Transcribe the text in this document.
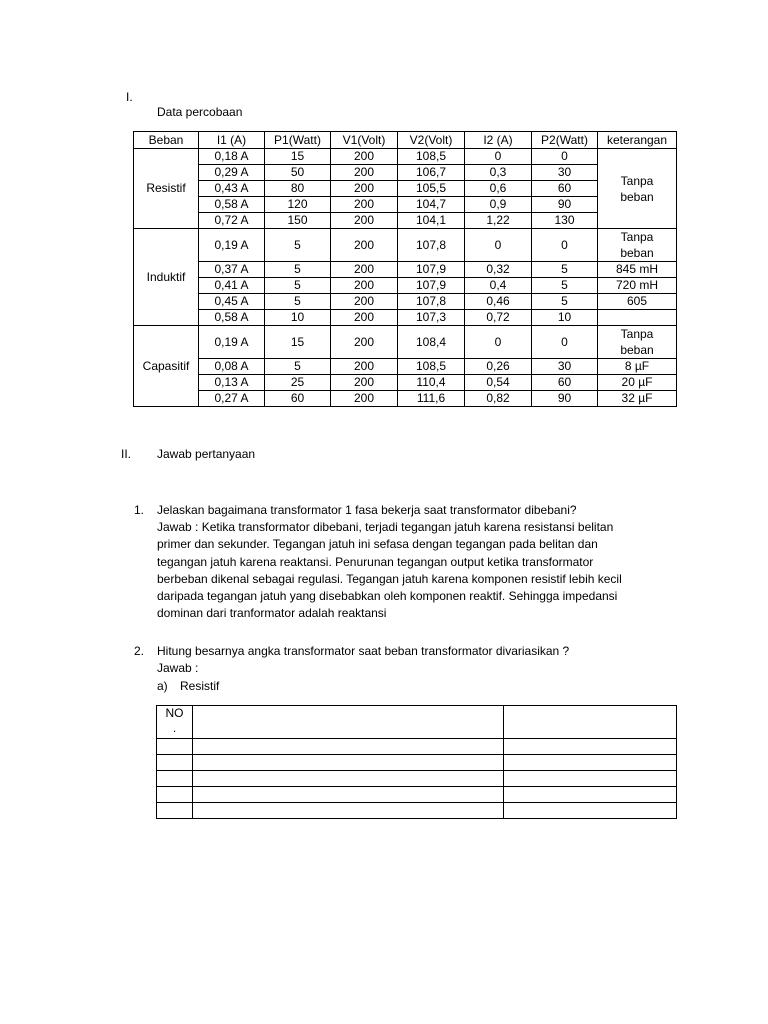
I.
Data percobaan
Beban	I1 (A)	P1(Watt)	V1(Volt)	V2(Volt)	I2 (A)	P2(Watt)	keterangan
Resistif	0,18 A	15	200	108,5	0	0	Tanpa
beban

	0,29 A	50	200	106,7	0,3	30	
	0,43 A	80	200	105,5	0,6	60	
	0,58 A	120	200	104,7	0,9	90	
	0,72 A	150	200	104,1	1,22	130	
Induktif	0,19 A	5	200	107,8	0	0	Tanpa
beban

	0,37 A	5	200	107,9	0,32	5	845 mH
	0,41 A	5	200	107,9	0,4	5	720 mH
	0,45 A	5	200	107,8	0,46	5	605
	0,58 A	10	200	107,3	0,72	10	
Capasitif	0,19 A	15	200	108,4	0	0	Tanpa
beban

	0,08 A	5	200	108,5	0,26	30	8 µF
	0,13 A	25	200	110,4	0,54	60	20 µF
	0,27 A	60	200	111,6	0,82	90	32 µF
II. Jawab pertanyaan
1. Jelaskan bagaimana transformator 1 fasa bekerja saat transformator dibebani?
Jawab : Ketika transformator dibebani, terjadi tegangan jatuh karena resistansi belitan
primer dan sekunder. Tegangan jatuh ini sefasa dengan tegangan pada belitan dan
tegangan jatuh karena reaktansi. Penurunan tegangan output ketika transformator
berbeban dikenal sebagai regulasi. Tegangan jatuh karena komponen resistif lebih kecil
daripada tegangan jatuh yang disebabkan oleh komponen reaktif. Sehingga impedansi
dominan dari tranformator adalah reaktansi
2. Hitung besarnya angka transformator saat beban transformator divariasikan ?
Jawab :
a) Resistif
NO
.		
